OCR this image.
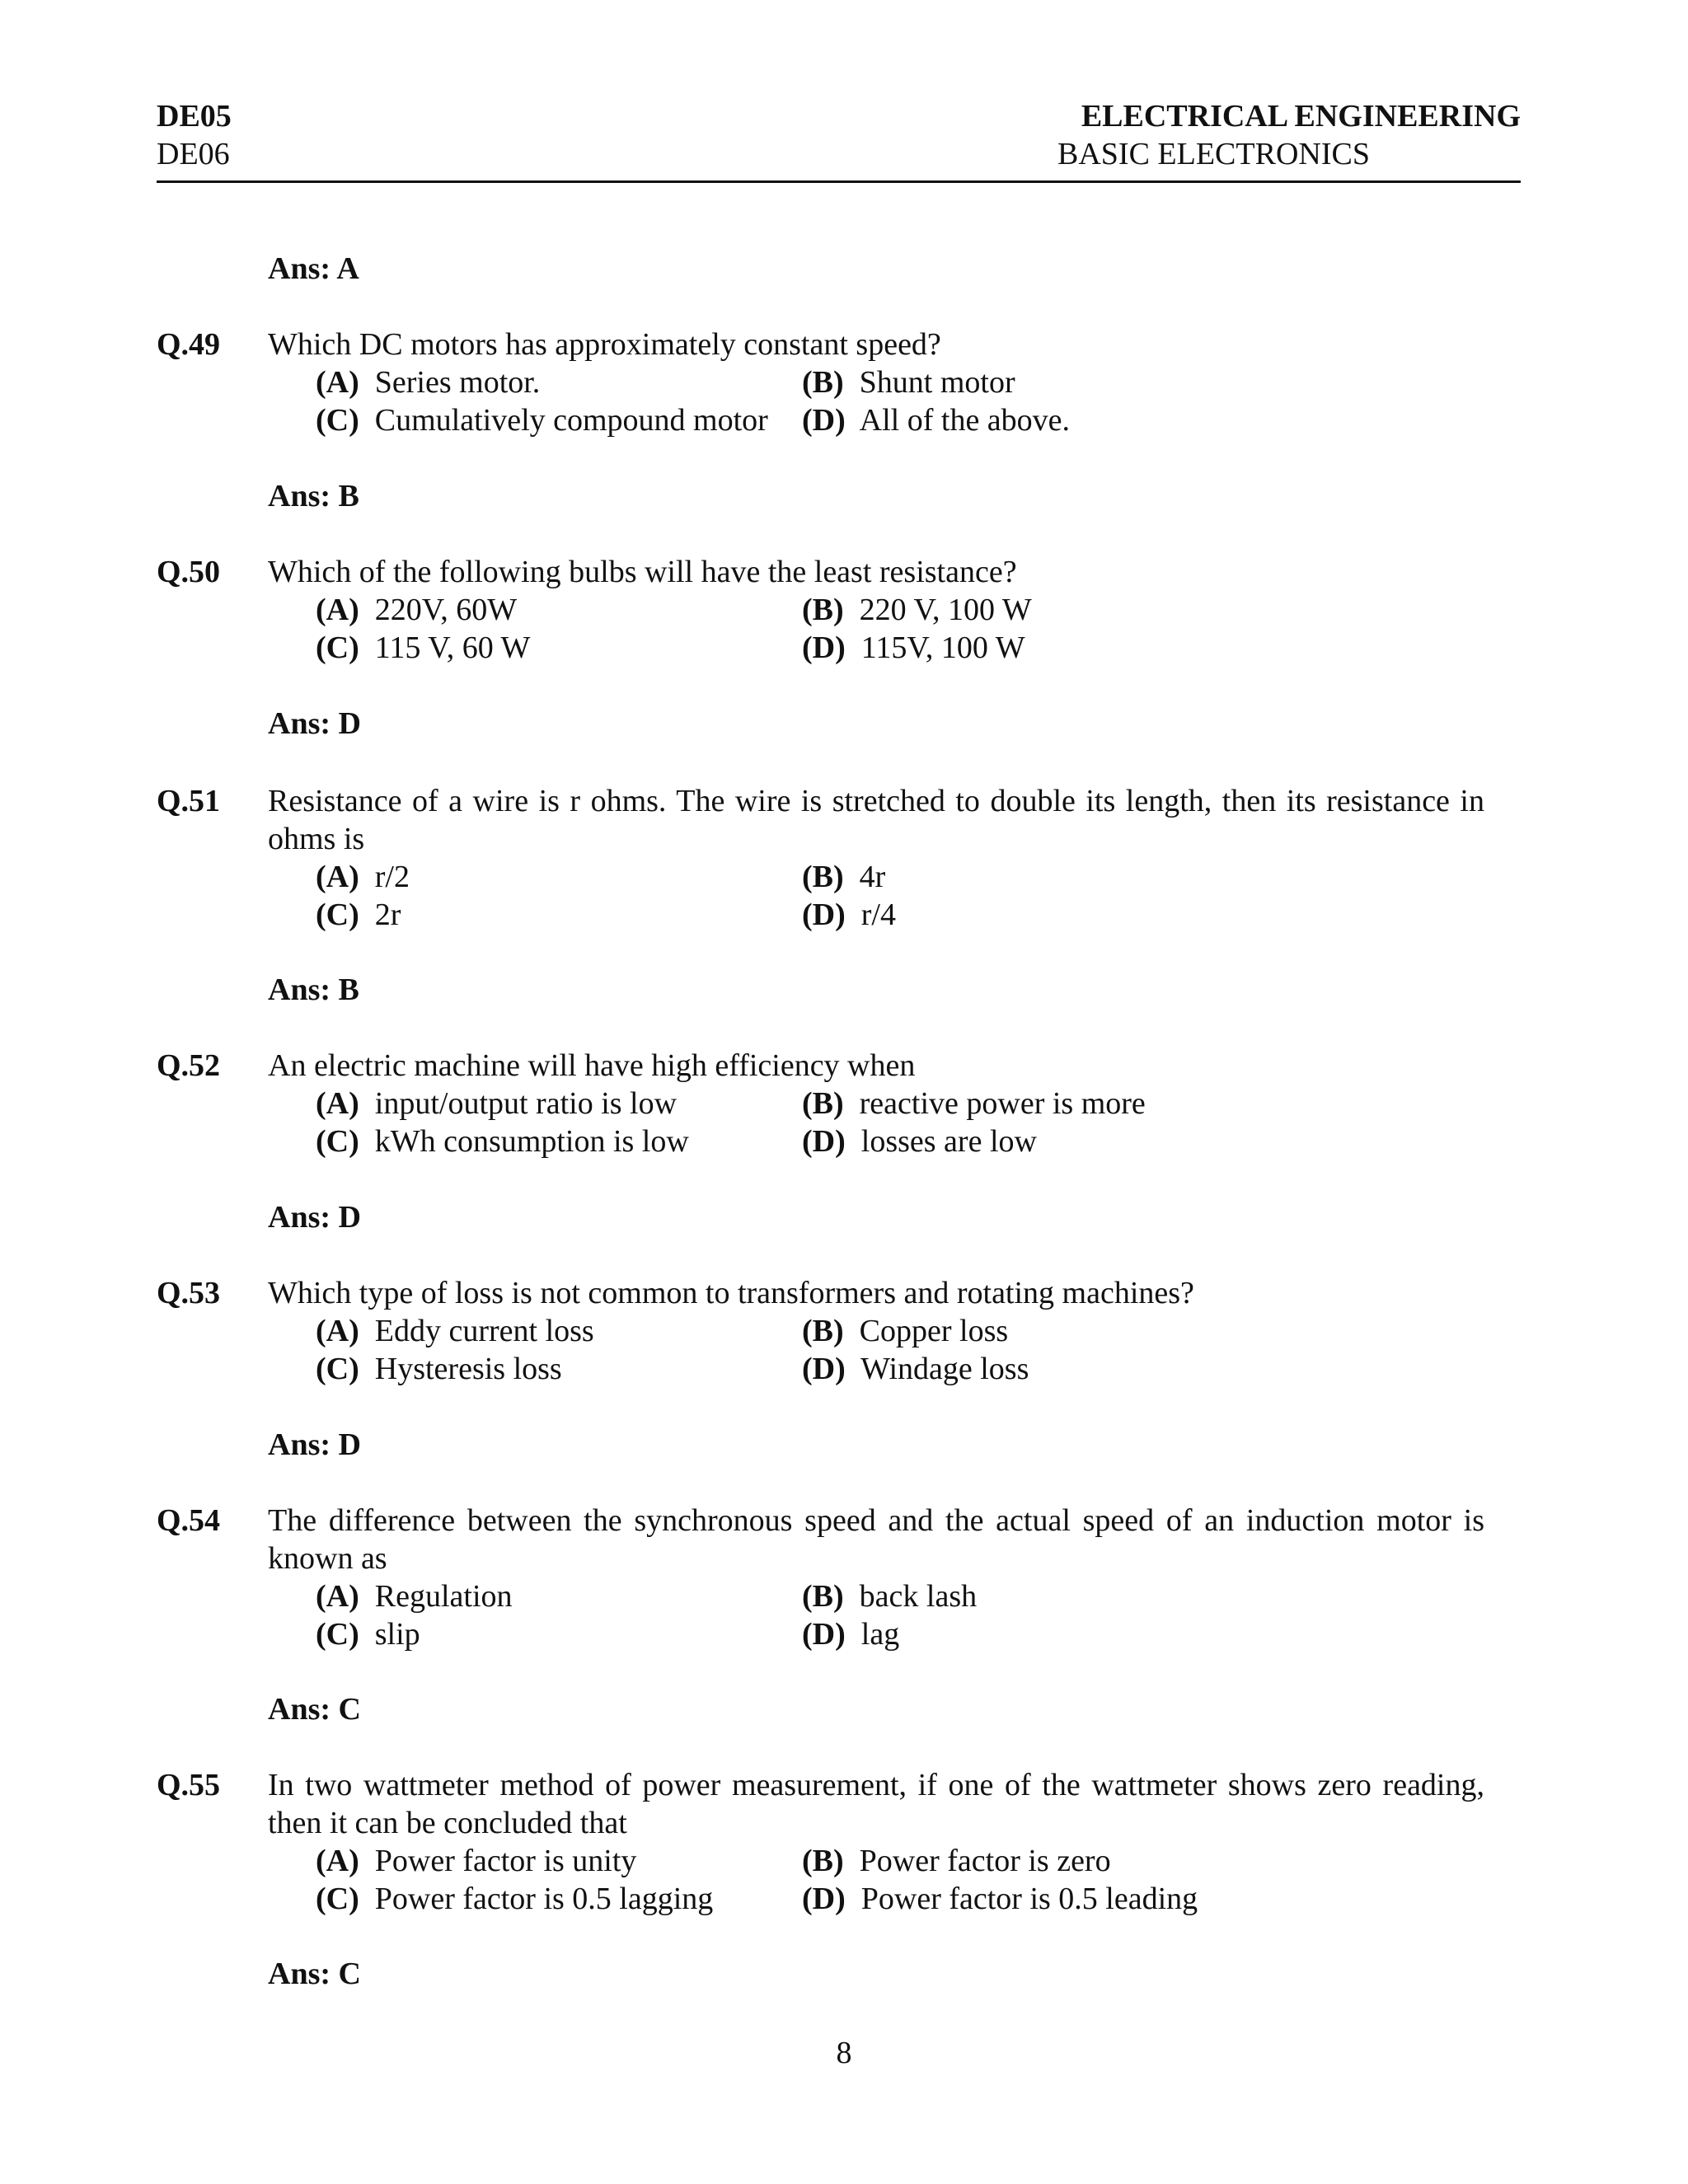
DE05
DE06
ELECTRICAL ENGINEERING
BASIC ELECTRONICS
Ans: A
Q.49 Which DC motors has approximately constant speed?
(A) Series motor.	(B) Shunt motor
(C) Cumulatively compound motor (D) All of the above.
Ans: B
Q.50 Which of the following bulbs will have the least resistance?
(A) 220V, 60W	(B) 220 V, 100 W
(C) 115 V, 60 W	(D) 115V, 100 W
Ans: D
Q.51 Resistance of a wire is r ohms. The wire is stretched to double its length, then its resistance in ohms is
(A) r/2	(B) 4r
(C) 2r	(D) r/4
Ans: B
Q.52 An electric machine will have high efficiency when
(A) input/output ratio is low	(B) reactive power is more
(C) kWh consumption is low	(D) losses are low
Ans: D
Q.53 Which type of loss is not common to transformers and rotating machines?
(A) Eddy current loss	(B) Copper loss
(C) Hysteresis loss	(D) Windage loss
Ans: D
Q.54 The difference between the synchronous speed and the actual speed of an induction motor is known as
(A) Regulation	(B) back lash
(C) slip	(D) lag
Ans: C
Q.55 In two wattmeter method of power measurement, if one of the wattmeter shows zero reading, then it can be concluded that
(A) Power factor is unity	(B) Power factor is zero
(C) Power factor is 0.5 lagging	(D) Power factor is 0.5 leading
Ans: C
8
